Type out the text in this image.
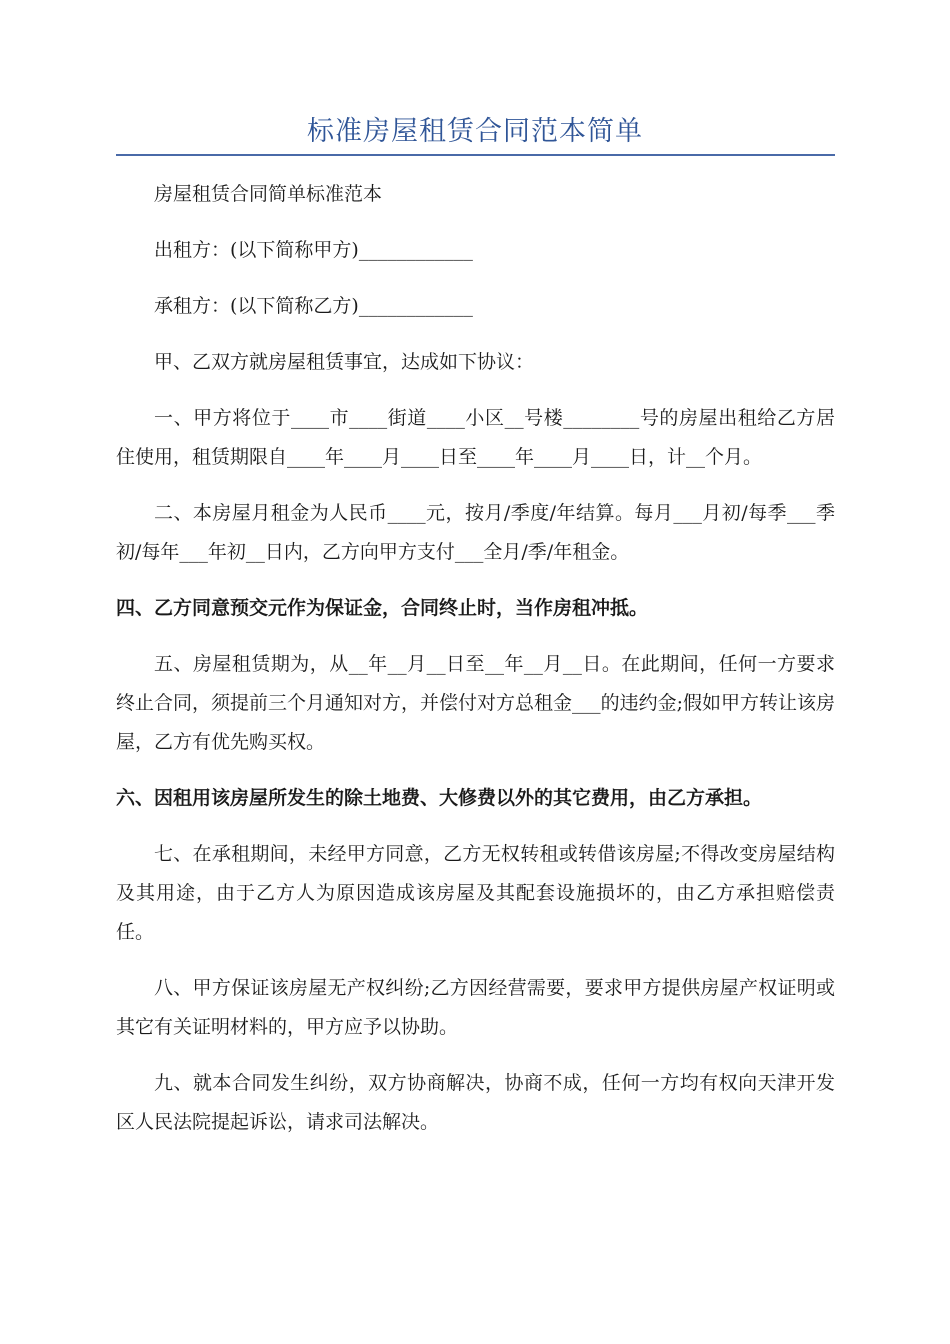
标准房屋租赁合同范本简单

房屋租赁合同简单标准范本

出租方：(以下简称甲方)____________

承租方：(以下简称乙方)____________

甲、乙双方就房屋租赁事宜，达成如下协议：

一、甲方将位于____市____街道____小区__号楼________号的房屋出租给乙方居住使用，租赁期限自____年____月____日至____年____月____日，计__个月。

二、本房屋月租金为人民币____元，按月/季度/年结算。每月___月初/每季___季初/每年___年初__日内，乙方向甲方支付___全月/季/年租金。

四、乙方同意预交元作为保证金，合同终止时，当作房租冲抵。

五、房屋租赁期为，从__年__月__日至__年__月__日。在此期间，任何一方要求终止合同，须提前三个月通知对方，并偿付对方总租金___的违约金;假如甲方转让该房屋，乙方有优先购买权。

六、因租用该房屋所发生的除土地费、大修费以外的其它费用，由乙方承担。

七、在承租期间，未经甲方同意，乙方无权转租或转借该房屋;不得改变房屋结构及其用途，由于乙方人为原因造成该房屋及其配套设施损坏的，由乙方承担赔偿责任。

八、甲方保证该房屋无产权纠纷;乙方因经营需要，要求甲方提供房屋产权证明或其它有关证明材料的，甲方应予以协助。

九、就本合同发生纠纷，双方协商解决，协商不成，任何一方均有权向天津开发区人民法院提起诉讼，请求司法解决。
